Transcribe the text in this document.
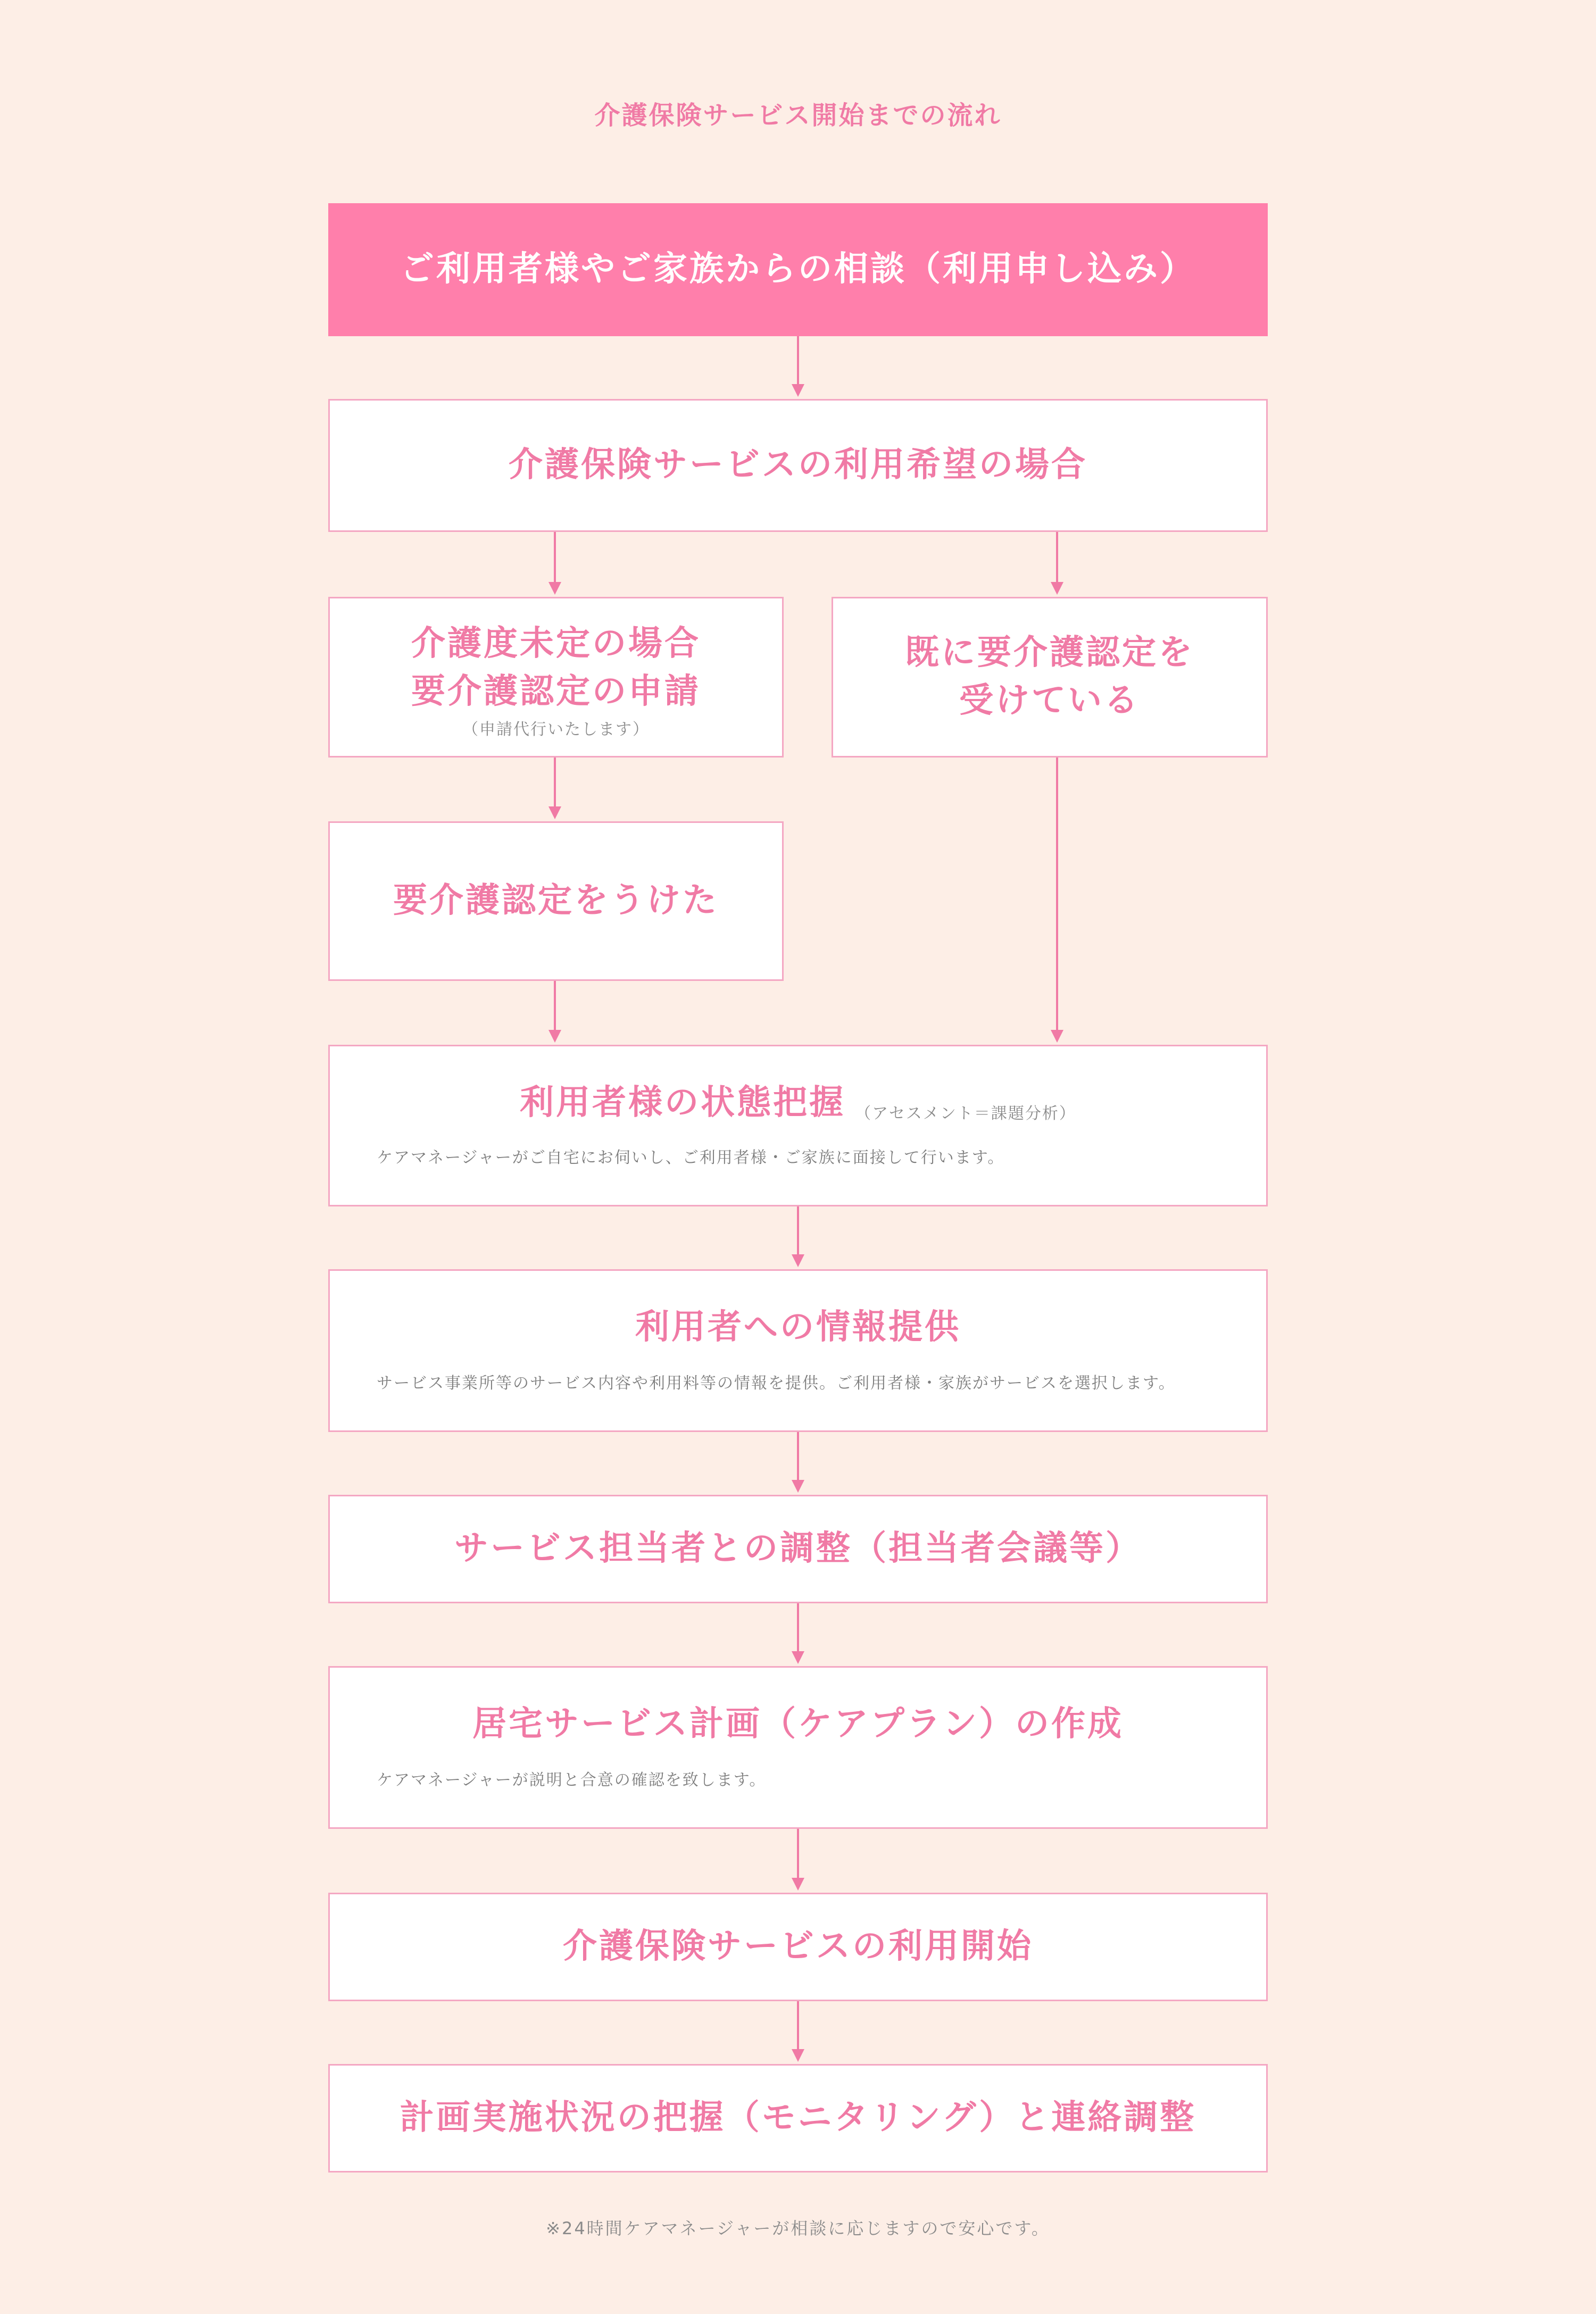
介護保険サービス開始までの流れ
ご利用者様やご家族からの相談（利用申し込み）
介護保険サービスの利用希望の場合
介護度未定の場合
要介護認定の申請
（申請代行いたします）
既に要介護認定を
受けている
要介護認定をうけた
利用者様の状態把握 （アセスメント＝課題分析）
ケアマネージャーがご自宅にお伺いし、ご利用者様・ご家族に面接して行います。
利用者への情報提供
サービス事業所等のサービス内容や利用料等の情報を提供。ご利用者様・家族がサービスを選択します。
サービス担当者との調整（担当者会議等）
居宅サービス計画（ケアプラン）の作成
ケアマネージャーが説明と合意の確認を致します。
介護保険サービスの利用開始
計画実施状況の把握（モニタリング）と連絡調整

※24時間ケアマネージャーが相談に応じますので安心です。
